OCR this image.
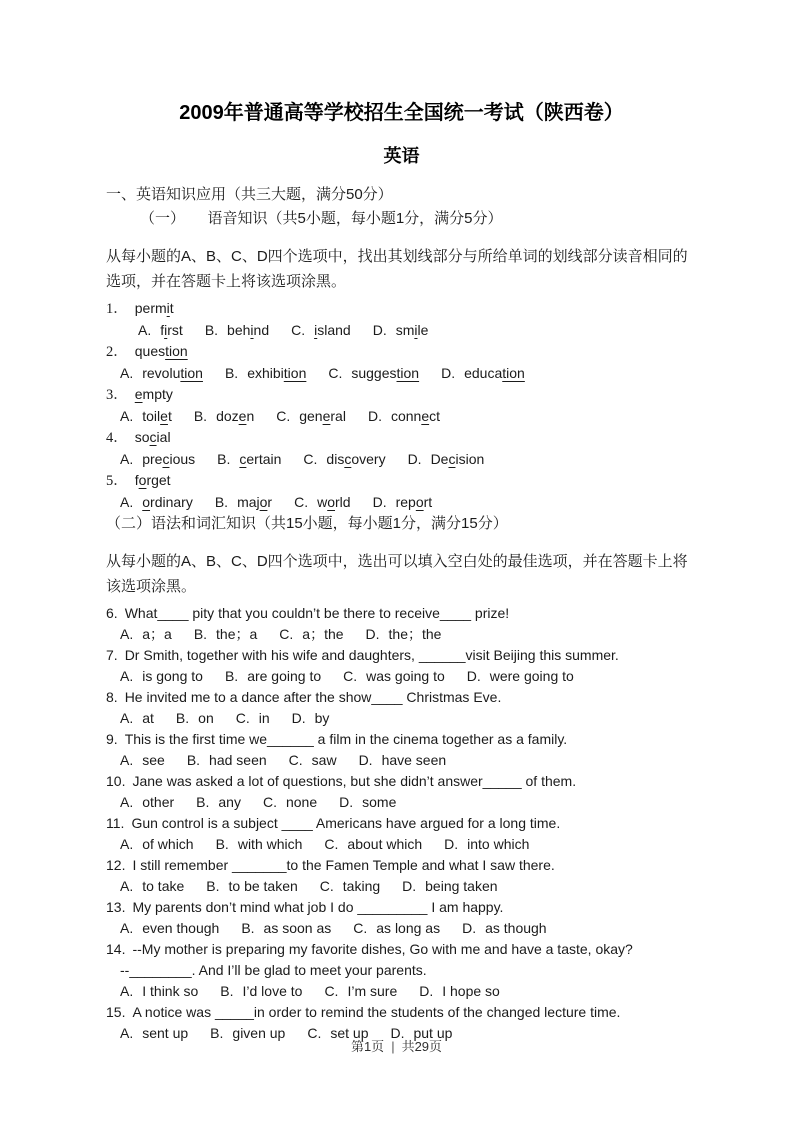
2009年普通高等学校招生全国统一考试（陕西卷）
英语
一、英语知识应用（共三大题，满分50分）
（一）　　语音知识（共5小题，每小题1分，满分5分）
从每小题的A、B、C、D四个选项中，找出其划线部分与所给单词的划线部分读音相同的选项，并在答题卡上将该选项涂黑。
1． permit
A. first B. behind C. island D. smile
2． question
A. revolution B. exhibition C. suggestion D. education
3． empty
A. toilet B. dozen C. general D. connect
4． social
A. precious B. certain C. discovery D. Decision
5． forget
A. ordinary B. major C. world D. report
（二）语法和词汇知识（共15小题，每小题1分，满分15分）
从每小题的A、B、C、D四个选项中，选出可以填入空白处的最佳选项，并在答题卡上将该选项涂黑。
6. What____ pity that you couldn’t be there to receive____ prize!
A. a；a B. the；a C. a；the D. the；the
7. Dr Smith, together with his wife and daughters, ______visit Beijing this summer.
A. is gong to B. are going to C. was going to D. were going to
8. He invited me to a dance after the show____ Christmas Eve.
A. at B. on C. in D. by
9. This is the first time we______ a film in the cinema together as a family.
A. see B. had seen C. saw D. have seen
10. Jane was asked a lot of questions, but she didn’t answer_____ of them.
A. other B. any C. none D. some
11. Gun control is a subject ____ Americans have argued for a long time.
A. of which B. with which C. about which D. into which
12. I still remember _______to the Famen Temple and what I saw there.
A. to take B. to be taken C. taking D. being taken
13. My parents don’t mind what job I do _________ I am happy.
A. even though B. as soon as C. as long as D. as though
14. --My mother is preparing my favorite dishes, Go with me and have a taste, okay?
--________. And I’ll be glad to meet your parents.
A. I think so B. I’d love to C. I’m sure D. I hope so
15. A notice was _____in order to remind the students of the changed lecture time.
A. sent up B. given up C. set up D. put up
第1页 | 共29页
